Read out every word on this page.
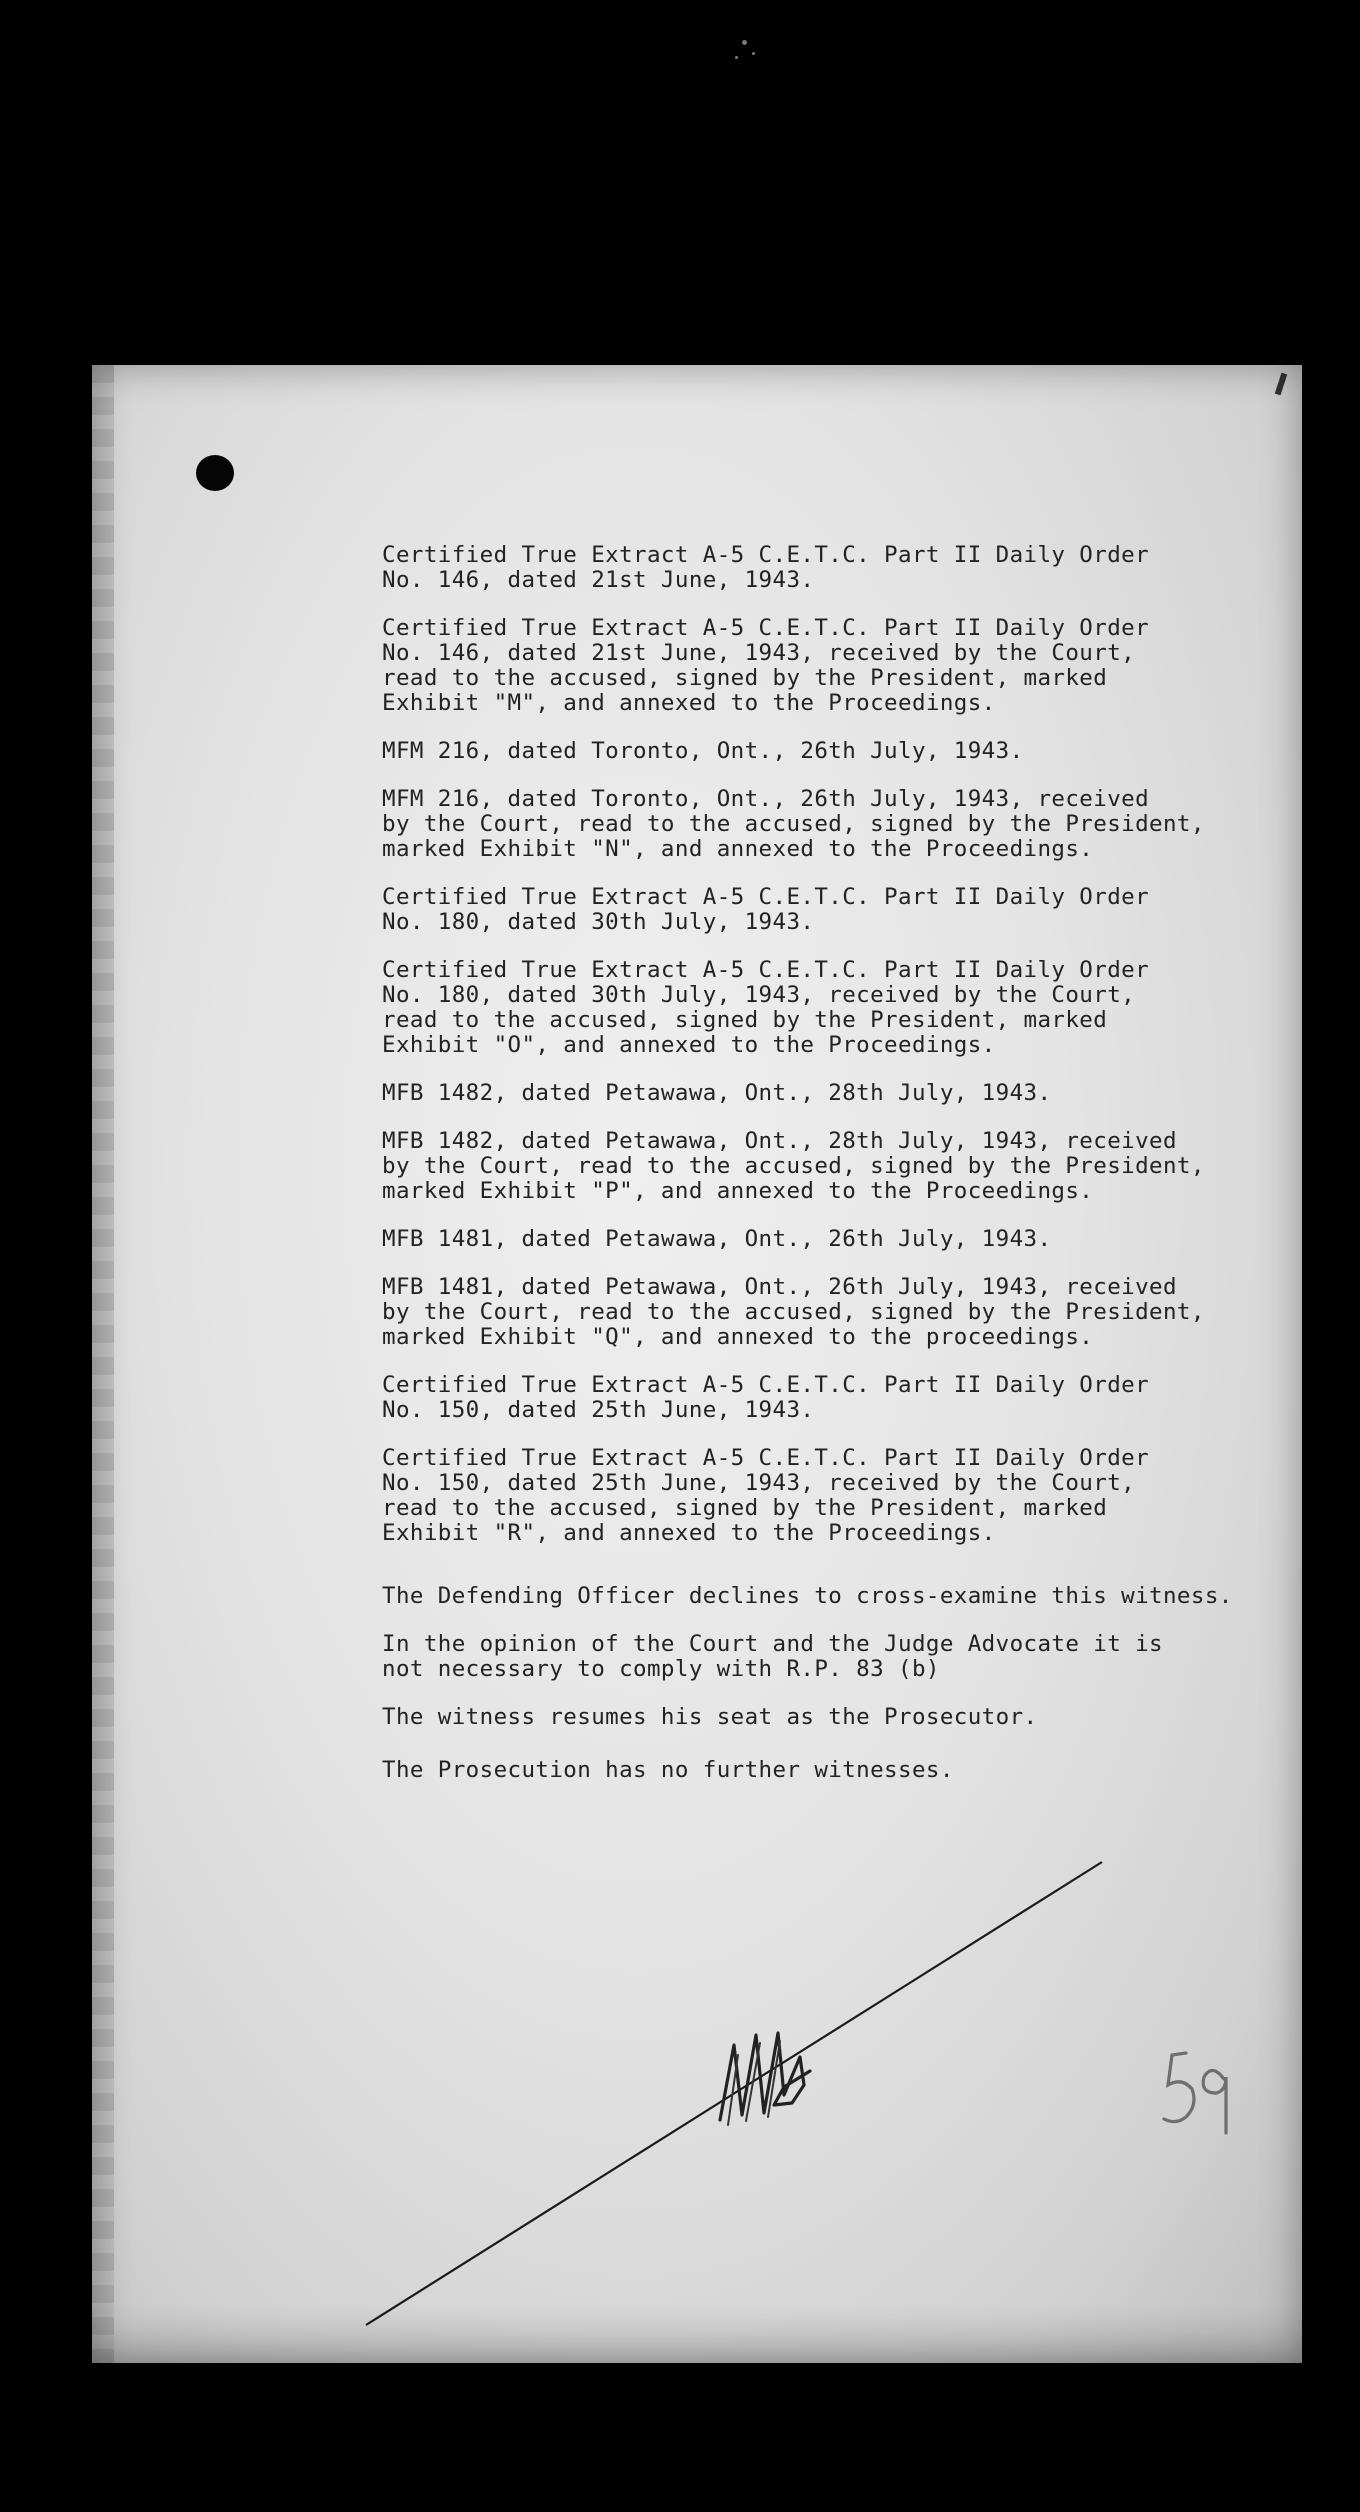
Certified True Extract A-5 C.E.T.C. Part II Daily Order
No. 146, dated 21st June, 1943.

Certified True Extract A-5 C.E.T.C. Part II Daily Order
No. 146, dated 21st June, 1943, received by the Court,
read to the accused, signed by the President, marked
Exhibit "M", and annexed to the Proceedings.

MFM 216, dated Toronto, Ont., 26th July, 1943.

MFM 216, dated Toronto, Ont., 26th July, 1943, received
by the Court, read to the accused, signed by the President,
marked Exhibit "N", and annexed to the Proceedings.

Certified True Extract A-5 C.E.T.C. Part II Daily Order
No. 180, dated 30th July, 1943.

Certified True Extract A-5 C.E.T.C. Part II Daily Order
No. 180, dated 30th July, 1943, received by the Court,
read to the accused, signed by the President, marked
Exhibit "O", and annexed to the Proceedings.

MFB 1482, dated Petawawa, Ont., 28th July, 1943.

MFB 1482, dated Petawawa, Ont., 28th July, 1943, received
by the Court, read to the accused, signed by the President,
marked Exhibit "P", and annexed to the Proceedings.

MFB 1481, dated Petawawa, Ont., 26th July, 1943.

MFB 1481, dated Petawawa, Ont., 26th July, 1943, received
by the Court, read to the accused, signed by the President,
marked Exhibit "Q", and annexed to the proceedings.

Certified True Extract A-5 C.E.T.C. Part II Daily Order
No. 150, dated 25th June, 1943.

Certified True Extract A-5 C.E.T.C. Part II Daily Order
No. 150, dated 25th June, 1943, received by the Court,
read to the accused, signed by the President, marked
Exhibit "R", and annexed to the Proceedings.

The Defending Officer declines to cross-examine this witness.

In the opinion of the Court and the Judge Advocate it is
not necessary to comply with R.P. 83 (b)

The witness resumes his seat as the Prosecutor.

The Prosecution has no further witnesses.
